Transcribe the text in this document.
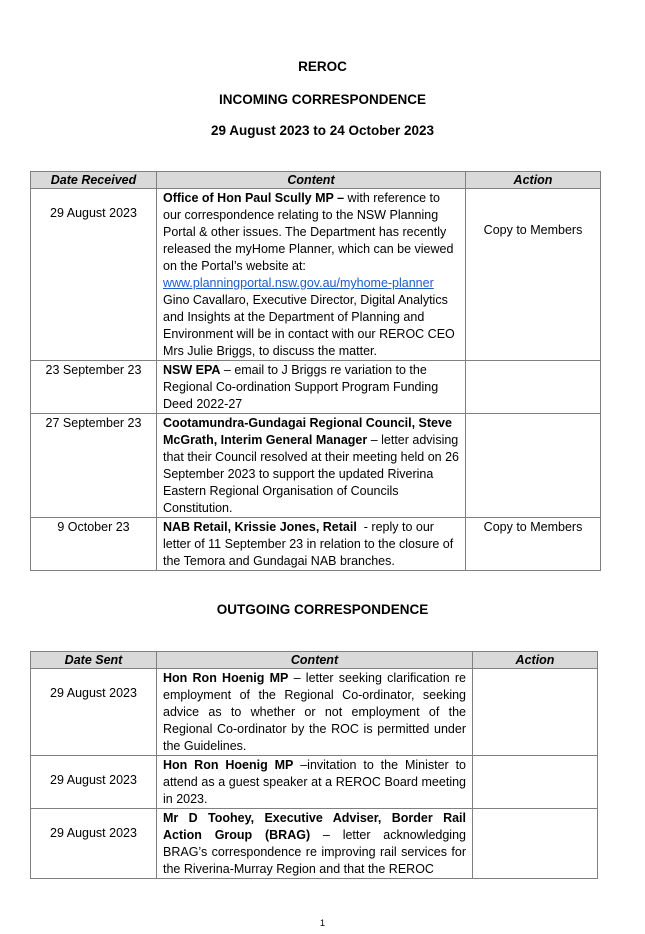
REROC
INCOMING CORRESPONDENCE
29 August 2023 to 24 October 2023
Date Received	Content	Action
29 August 2023	Office of Hon Paul Scully MP – with reference to our correspondence relating to the NSW Planning Portal & other issues. The Department has recently released the myHome Planner, which can be viewed on the Portal’s website at:
www.planningportal.nsw.gov.au/myhome-planner
Gino Cavallaro, Executive Director, Digital Analytics and Insights at the Department of Planning and Environment will be in contact with our REROC CEO Mrs Julie Briggs, to discuss the matter.	Copy to Members
23 September 23	NSW EPA – email to J Briggs re variation to the Regional Co-ordination Support Program Funding Deed 2022-27	
27 September 23	Cootamundra-Gundagai Regional Council, Steve McGrath, Interim General Manager – letter advising that their Council resolved at their meeting held on 26 September 2023 to support the updated Riverina Eastern Regional Organisation of Councils Constitution.	
9 October 23	NAB Retail, Krissie Jones, Retail  - reply to our letter of 11 September 23 in relation to the closure of the Temora and Gundagai NAB branches.	Copy to Members
OUTGOING CORRESPONDENCE
Date Sent	Content	Action
29 August 2023	Hon Ron Hoenig MP – letter seeking clarification re employment of the Regional Co-ordinator, seeking advice as to whether or not employment of the Regional Co-ordinator by the ROC is permitted under the Guidelines.	
29 August 2023	Hon Ron Hoenig MP –invitation to the Minister to attend as a guest speaker at a REROC Board meeting in 2023.	
29 August 2023	Mr D Toohey, Executive Adviser, Border Rail Action Group (BRAG) – letter acknowledging BRAG’s correspondence re improving rail services for the Riverina-Murray Region and that the REROC	
1
